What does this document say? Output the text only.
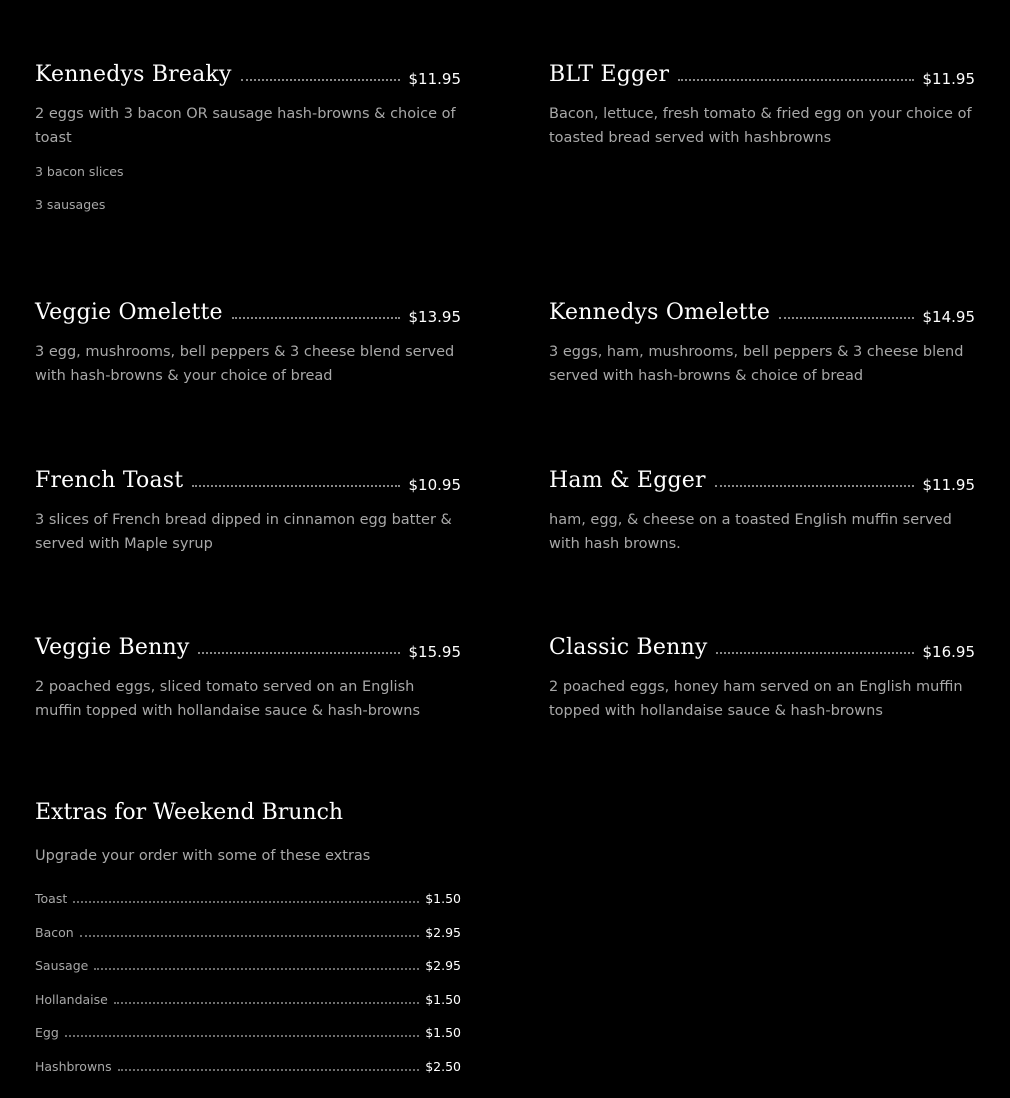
Kennedys Breaky	$11.95
2 eggs with 3 bacon OR sausage hash-browns & choice of toast
3 bacon slices
3 sausages
BLT Egger	$11.95
Bacon, lettuce, fresh tomato & fried egg on your choice of toasted bread served with hashbrowns
Veggie Omelette	$13.95
3 egg, mushrooms, bell peppers & 3 cheese blend served with hash-browns & your choice of bread
Kennedys Omelette	$14.95
3 eggs, ham, mushrooms, bell peppers & 3 cheese blend served with hash-browns & choice of bread
French Toast	$10.95
3 slices of French bread dipped in cinnamon egg batter & served with Maple syrup
Ham & Egger	$11.95
ham, egg, & cheese on a toasted English muffin served with hash browns.
Veggie Benny	$15.95
2 poached eggs, sliced tomato served on an English muffin topped with hollandaise sauce & hash-browns
Classic Benny	$16.95
2 poached eggs, honey ham served on an English muffin topped with hollandaise sauce & hash-browns
Extras for Weekend Brunch
Upgrade your order with some of these extras
Toast	$1.50
Bacon	$2.95
Sausage	$2.95
Hollandaise	$1.50
Egg	$1.50
Hashbrowns	$2.50
